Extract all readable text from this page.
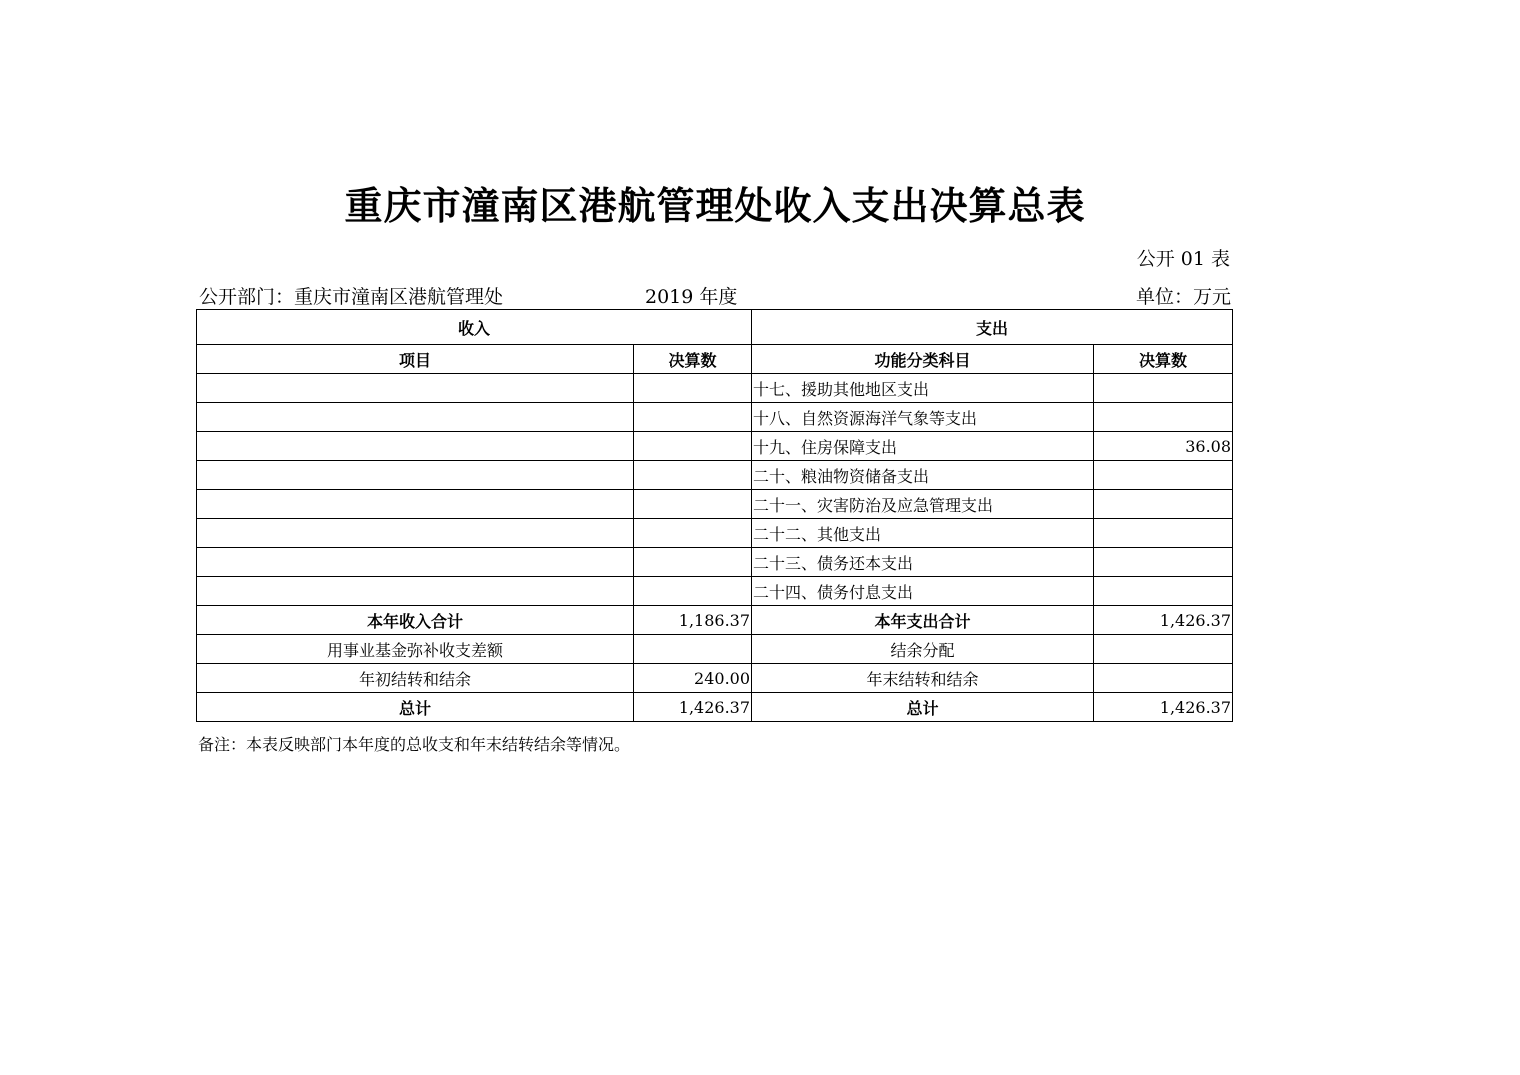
重庆市潼南区港航管理处收入支出决算总表
公开 01 表
公开部门：重庆市潼南区港航管理处	2019 年度	单位：万元
收入		支出	
项目	决算数	功能分类科目	决算数
		十七、援助其他地区支出	
		十八、自然资源海洋气象等支出	
		十九、住房保障支出	36.08
		二十、粮油物资储备支出	
		二十一、灾害防治及应急管理支出	
		二十二、其他支出	
		二十三、债务还本支出	
		二十四、债务付息支出	
本年收入合计	1,186.37	本年支出合计	1,426.37
用事业基金弥补收支差额		结余分配	
年初结转和结余	240.00	年末结转和结余	
总计	1,426.37	总计	1,426.37
备注：本表反映部门本年度的总收支和年末结转结余等情况。
